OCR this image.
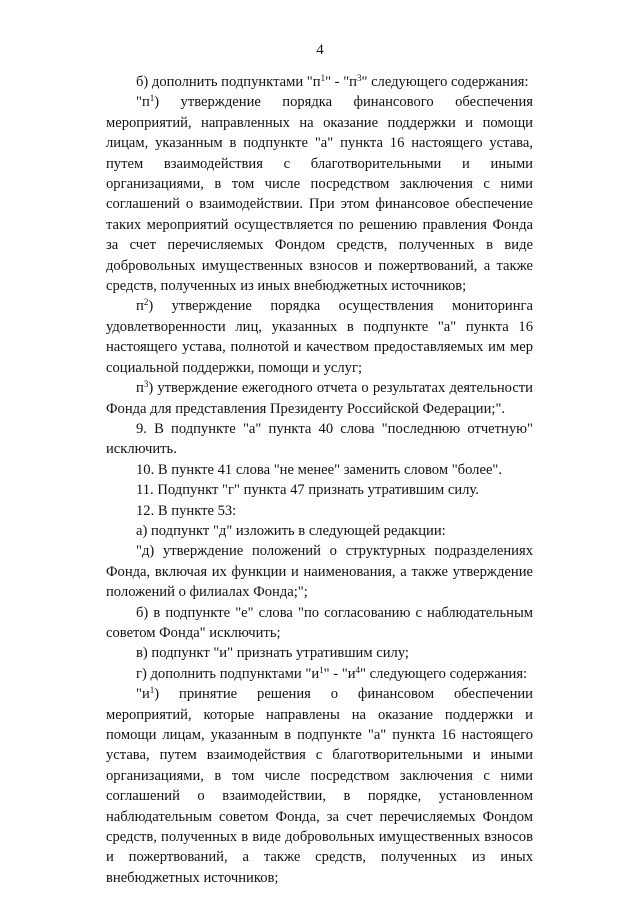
4

б) дополнить подпунктами "$п^1$" - "$п^3$" следующего содержания:

"$п^1$) утверждение порядка финансового обеспечения мероприятий, направленных на оказание поддержки и помощи лицам, указанным в подпункте "а" пункта 16 настоящего устава, путем взаимодействия с благотворительными и иными организациями, в том числе посредством заключения с ними соглашений о взаимодействии. При этом финансовое обеспечение таких мероприятий осуществляется по решению правления Фонда за счет перечисляемых Фондом средств, полученных в виде добровольных имущественных взносов и пожертвований, а также средств, полученных из иных внебюджетных источников;

$п^2$) утверждение порядка осуществления мониторинга удовлетворенности лиц, указанных в подпункте "а" пункта 16 настоящего устава, полнотой и качеством предоставляемых им мер социальной поддержки, помощи и услуг;

$п^3$) утверждение ежегодного отчета о результатах деятельности Фонда для представления Президенту Российской Федерации;".

9. В подпункте "а" пункта 40 слова "последнюю отчетную" исключить.

10. В пункте 41 слова "не менее" заменить словом "более".

11. Подпункт "г" пункта 47 признать утратившим силу.

12. В пункте 53:

а) подпункт "д" изложить в следующей редакции:

"д) утверждение положений о структурных подразделениях Фонда, включая их функции и наименования, а также утверждение положений о филиалах Фонда;";

б) в подпункте "е" слова "по согласованию с наблюдательным советом Фонда" исключить;

в) подпункт "и" признать утратившим силу;

г) дополнить подпунктами "$и^1$" - "$и^4$" следующего содержания:

"$и^1$) принятие решения о финансовом обеспечении мероприятий, которые направлены на оказание поддержки и помощи лицам, указанным в подпункте "а" пункта 16 настоящего устава, путем взаимодействия с благотворительными и иными организациями, в том числе посредством заключения с ними соглашений о взаимодействии, в порядке, установленном наблюдательным советом Фонда, за счет перечисляемых Фондом средств, полученных в виде добровольных имущественных взносов и пожертвований, а также средств, полученных из иных внебюджетных источников;
